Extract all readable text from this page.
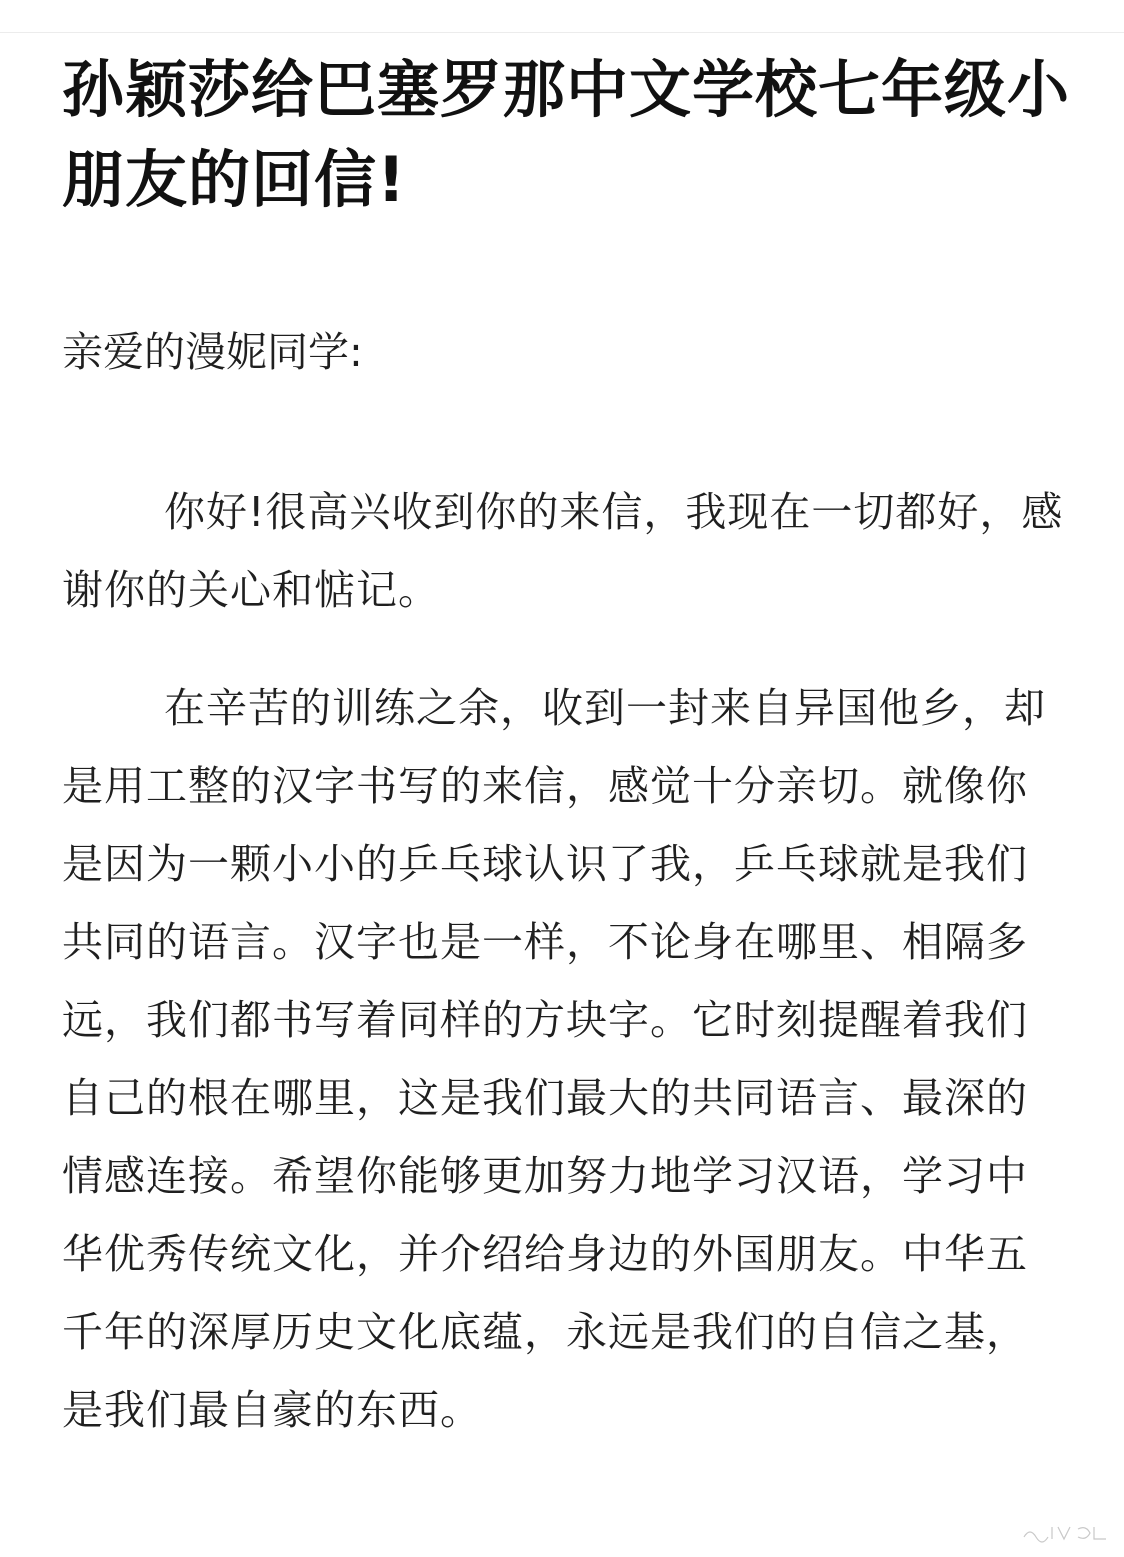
孙颖莎给巴塞罗那中文学校七年级小朋友的回信!

亲爱的漫妮同学:

你好!很高兴收到你的来信，我现在一切都好，感谢你的关心和惦记。

在辛苦的训练之余，收到一封来自异国他乡，却是用工整的汉字书写的来信，感觉十分亲切。就像你是因为一颗小小的乒乓球认识了我，乒乓球就是我们共同的语言。汉字也是一样，不论身在哪里、相隔多远，我们都书写着同样的方块字。它时刻提醒着我们自己的根在哪里，这是我们最大的共同语言、最深的情感连接。希望你能够更加努力地学习汉语，学习中华优秀传统文化，并介绍给身边的外国朋友。中华五千年的深厚历史文化底蕴，永远是我们的自信之基，是我们最自豪的东西。
